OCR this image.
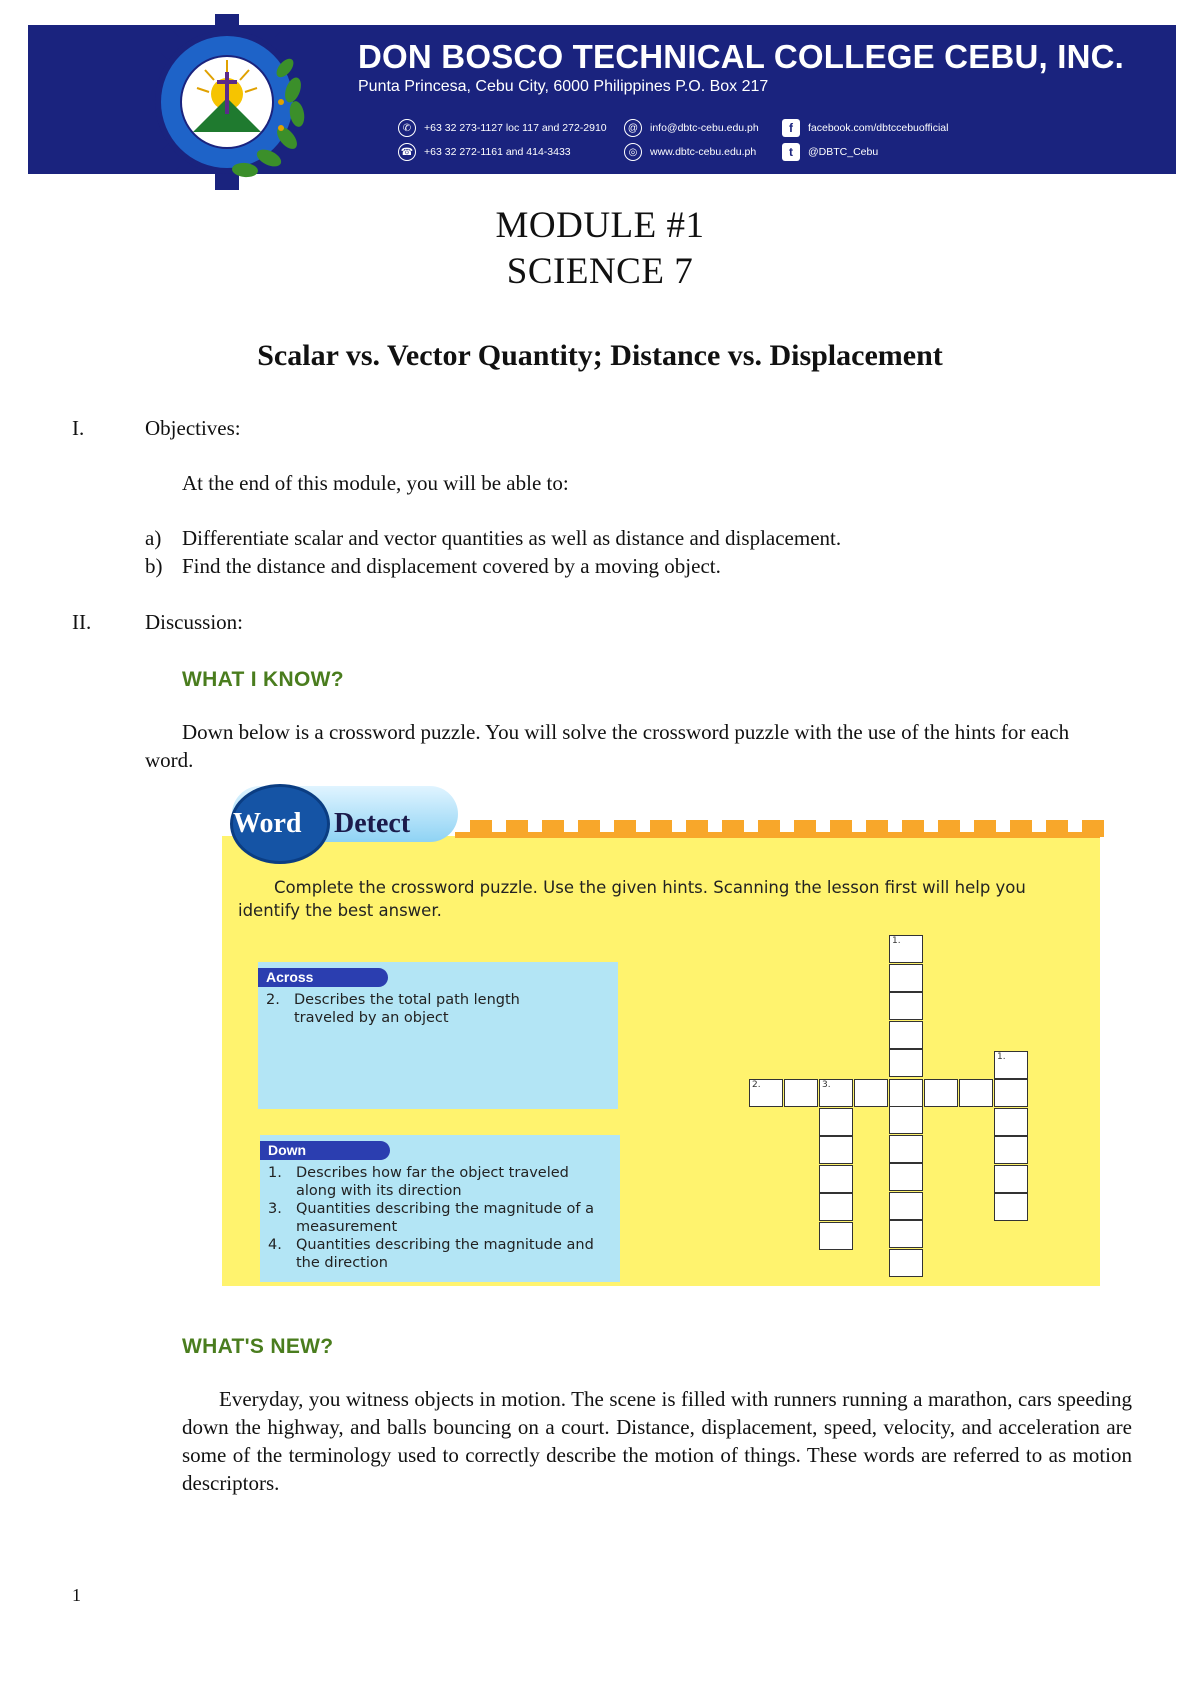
DON BOSCO TECHNICAL COLLEGE CEBU, INC.
Punta Princesa, Cebu City, 6000 Philippines P.O. Box 217
✆	+63 32 273-1127 loc 117 and 272-2910
☎ +63 32 272-1161 and 414-3433
@	info@dbtc-cebu.edu.ph
◎	www.dbtc-cebu.edu.ph
f	facebook.com/dbtccebuofficial
t	@DBTC_Cebu
MODULE #1
SCIENCE 7
Scalar vs. Vector Quantity; Distance vs. Displacement
I.	Objectives:
At the end of this module, you will be able to:
a) Differentiate scalar and vector quantities as well as distance and displacement.
b) Find the distance and displacement covered by a moving object.
II.	Discussion:
WHAT I KNOW?
Down below is a crossword puzzle. You will solve the crossword puzzle with the use of the hints for each word.
Word Detect
Complete the crossword puzzle. Use the given hints. Scanning the lesson first will help you identify the best answer.
Across
2. Describes the total path length traveled by an object
Down
1. Describes how far the object traveled along with its direction
3. Quantities describing the magnitude of a measurement
4. Quantities describing the magnitude and the direction
2.	3.
1.
1.
WHAT'S NEW?
Everyday, you witness objects in motion. The scene is filled with runners running a marathon, cars speeding down the highway, and balls bouncing on a court. Distance, displacement, speed, velocity, and acceleration are some of the terminology used to correctly describe the motion of things. These words are referred to as motion descriptors.
1
